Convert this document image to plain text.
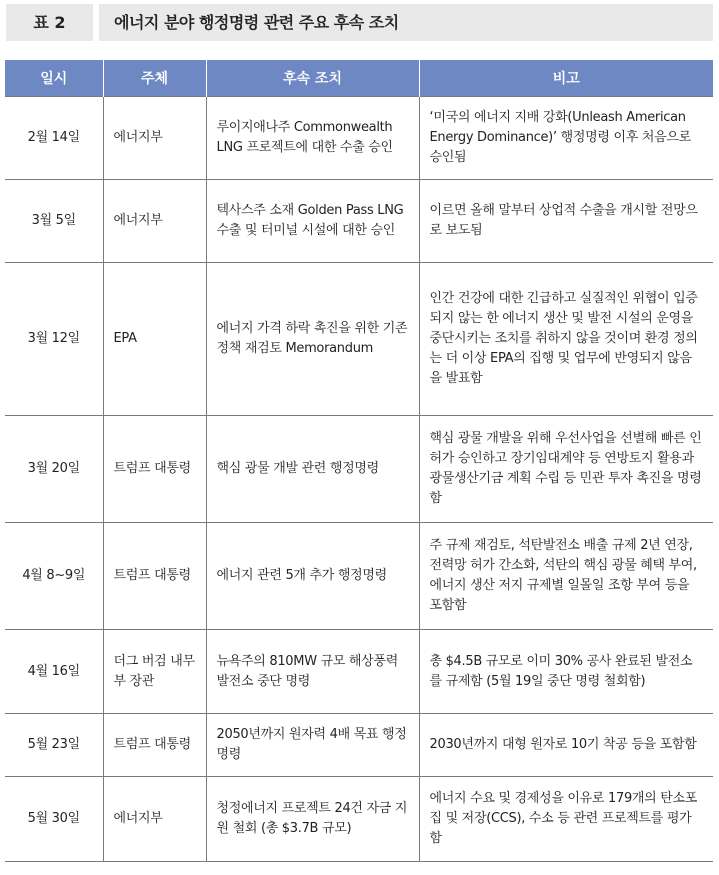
표 2	에너지 분야 행정명령 관련 주요 후속 조치
일시	주체	후속 조치	비고
2월 14일	에너지부	루이지애나주 Commonwealth LNG 프로젝트에 대한 수출 승인	‘미국의 에너지 지배 강화(Unleash American Energy Dominance)’ 행정명령 이후 처음으로 승인됨
3월 5일	에너지부	텍사스주 소재 Golden Pass LNG 수출 및 터미널 시설에 대한 승인	이르면 올해 말부터 상업적 수출을 개시할 전망으로 보도됨
3월 12일	EPA	에너지 가격 하락 촉진을 위한 기존 정책 재검토 Memorandum	인간 건강에 대한 긴급하고 실질적인 위협이 입증되지 않는 한 에너지 생산 및 발전 시설의 운영을 중단시키는 조치를 취하지 않을 것이며 환경 정의는 더 이상 EPA의 집행 및 업무에 반영되지 않음을 발표함
3월 20일	트럼프 대통령	핵심 광물 개발 관련 행정명령	핵심 광물 개발을 위해 우선사업을 선별해 빠른 인허가 승인하고 장기임대계약 등 연방토지 활용과 광물생산기금 계획 수립 등 민관 투자 촉진을 명령함
4월 8~9일	트럼프 대통령	에너지 관련 5개 추가 행정명령	주 규제 재검토, 석탄발전소 배출 규제 2년 연장, 전력망 허가 간소화, 석탄의 핵심 광물 혜택 부여, 에너지 생산 저지 규제별 일몰일 조항 부여 등을 포함함
4월 16일	더그 버검 내무부 장관	뉴욕주의 810MW 규모 해상풍력발전소 중단 명령	총 $4.5B 규모로 이미 30% 공사 완료된 발전소를 규제함 (5월 19일 중단 명령 철회함)
5월 23일	트럼프 대통령	2050년까지 원자력 4배 목표 행정명령	2030년까지 대형 원자로 10기 착공 등을 포함함
5월 30일	에너지부	청정에너지 프로젝트 24건 자금 지원 철회 (총 $3.7B 규모)	에너지 수요 및 경제성을 이유로 179개의 탄소포집 및 저장(CCS), 수소 등 관련 프로젝트를 평가함
